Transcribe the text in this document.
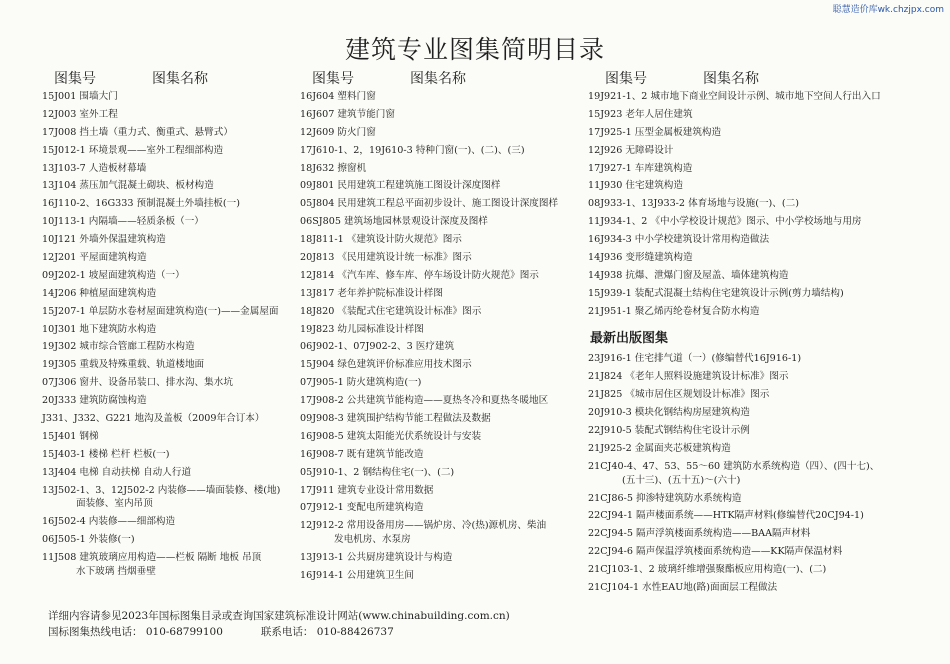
聪慧造价库wk.chzjpx.com
建筑专业图集简明目录
图集号	图集名称
15J001 围墙大门
12J003 室外工程
17J008 挡土墙（重力式、衡重式、悬臂式）
15J012-1 环境景观——室外工程细部构造
13J103-7 人造板材幕墙
13J104 蒸压加气混凝土砌块、板材构造
16J110-2、16G333 预制混凝土外墙挂板(一)
10J113-1 内隔墙——轻质条板（一）
10J121 外墙外保温建筑构造
12J201 平屋面建筑构造
09J202-1 坡屋面建筑构造（一）
14J206 种植屋面建筑构造
15J207-1 单层防水卷材屋面建筑构造(一)——金属屋面
10J301 地下建筑防水构造
19J302 城市综合管廊工程防水构造
19J305 重载及特殊重载、轨道楼地面
07J306 窗井、设备吊装口、排水沟、集水坑
20J333 建筑防腐蚀构造
J331、J332、G221 地沟及盖板（2009年合订本）
15J401 钢梯
15J403-1 楼梯 栏杆 栏板(一)
13J404 电梯 自动扶梯 自动人行道
13J502-1、3、12J502-2 内装修——墙面装修、楼(地)
面装修、室内吊顶
16J502-4 内装修——细部构造
06J505-1 外装修(一)
11J508 建筑玻璃应用构造——栏板 隔断 地板 吊顶
水下玻璃 挡烟垂壁
图集号	图集名称
16J604 塑料门窗
16J607 建筑节能门窗
12J609 防火门窗
17J610-1、2，19J610-3 特种门窗(一)、(二)、(三)
18J632 擦窗机
09J801 民用建筑工程建筑施工图设计深度图样
05J804 民用建筑工程总平面初步设计、施工图设计深度图样
06SJ805 建筑场地园林景观设计深度及图样
18J811-1 《建筑设计防火规范》图示
20J813 《民用建筑设计统一标准》图示
12J814 《汽车库、修车库、停车场设计防火规范》图示
13J817 老年养护院标准设计样图
18J820 《装配式住宅建筑设计标准》图示
19J823 幼儿园标准设计样图
06J902-1、07J902-2、3 医疗建筑
15J904 绿色建筑评价标准应用技术图示
07J905-1 防火建筑构造(一)
17J908-2 公共建筑节能构造——夏热冬冷和夏热冬暖地区
09J908-3 建筑围护结构节能工程做法及数据
16J908-5 建筑太阳能光伏系统设计与安装
16J908-7 既有建筑节能改造
05J910-1、2 钢结构住宅(一)、(二)
17J911 建筑专业设计常用数据
07J912-1 变配电所建筑构造
12J912-2 常用设备用房——锅炉房、冷(热)源机房、柴油
发电机房、水泵房
13J913-1 公共厨房建筑设计与构造
16J914-1 公用建筑卫生间
图集号	图集名称
19J921-1、2 城市地下商业空间设计示例、城市地下空间人行出入口
15J923 老年人居住建筑
17J925-1 压型金属板建筑构造
12J926 无障碍设计
17J927-1 车库建筑构造
11J930 住宅建筑构造
08J933-1、13J933-2 体育场地与设施(一)、(二)
11J934-1、2 《中小学校设计规范》图示、中小学校场地与用房
16J934-3 中小学校建筑设计常用构造做法
14J936 变形缝建筑构造
14J938 抗爆、泄爆门窗及屋盖、墙体建筑构造
15J939-1 装配式混凝土结构住宅建筑设计示例(剪力墙结构)
21J951-1 聚乙烯丙纶卷材复合防水构造
最新出版图集
23J916-1 住宅排气道（一）(修编替代16J916-1)
21J824 《老年人照料设施建筑设计标准》图示
21J825 《城市居住区规划设计标准》图示
20J910-3 模块化钢结构房屋建筑构造
22J910-5 装配式钢结构住宅设计示例
21J925-2 金属面夹芯板建筑构造
21CJ40-4、47、53、55～60 建筑防水系统构造（四）、(四十七)、
(五十三)、(五十五)～(六十)
21CJ86-5 抑渗特建筑防水系统构造
22CJ94-1 隔声楼面系统——HTK隔声材料(修编替代20CJ94-1)
22CJ94-5 隔声浮筑楼面系统构造——BAA隔声材料
22CJ94-6 隔声保温浮筑楼面系统构造——KK隔声保温材料
21CJ103-1、2 玻璃纤维增强聚酯板应用构造(一)、(二)
21CJ104-1 水性EAU地(路)面面层工程做法
详细内容请参见2023年国标图集目录或查询国家建筑标准设计网站(www.chinabuilding.com.cn)
国标图集热线电话： 010-68799100	联系电话： 010-88426737
